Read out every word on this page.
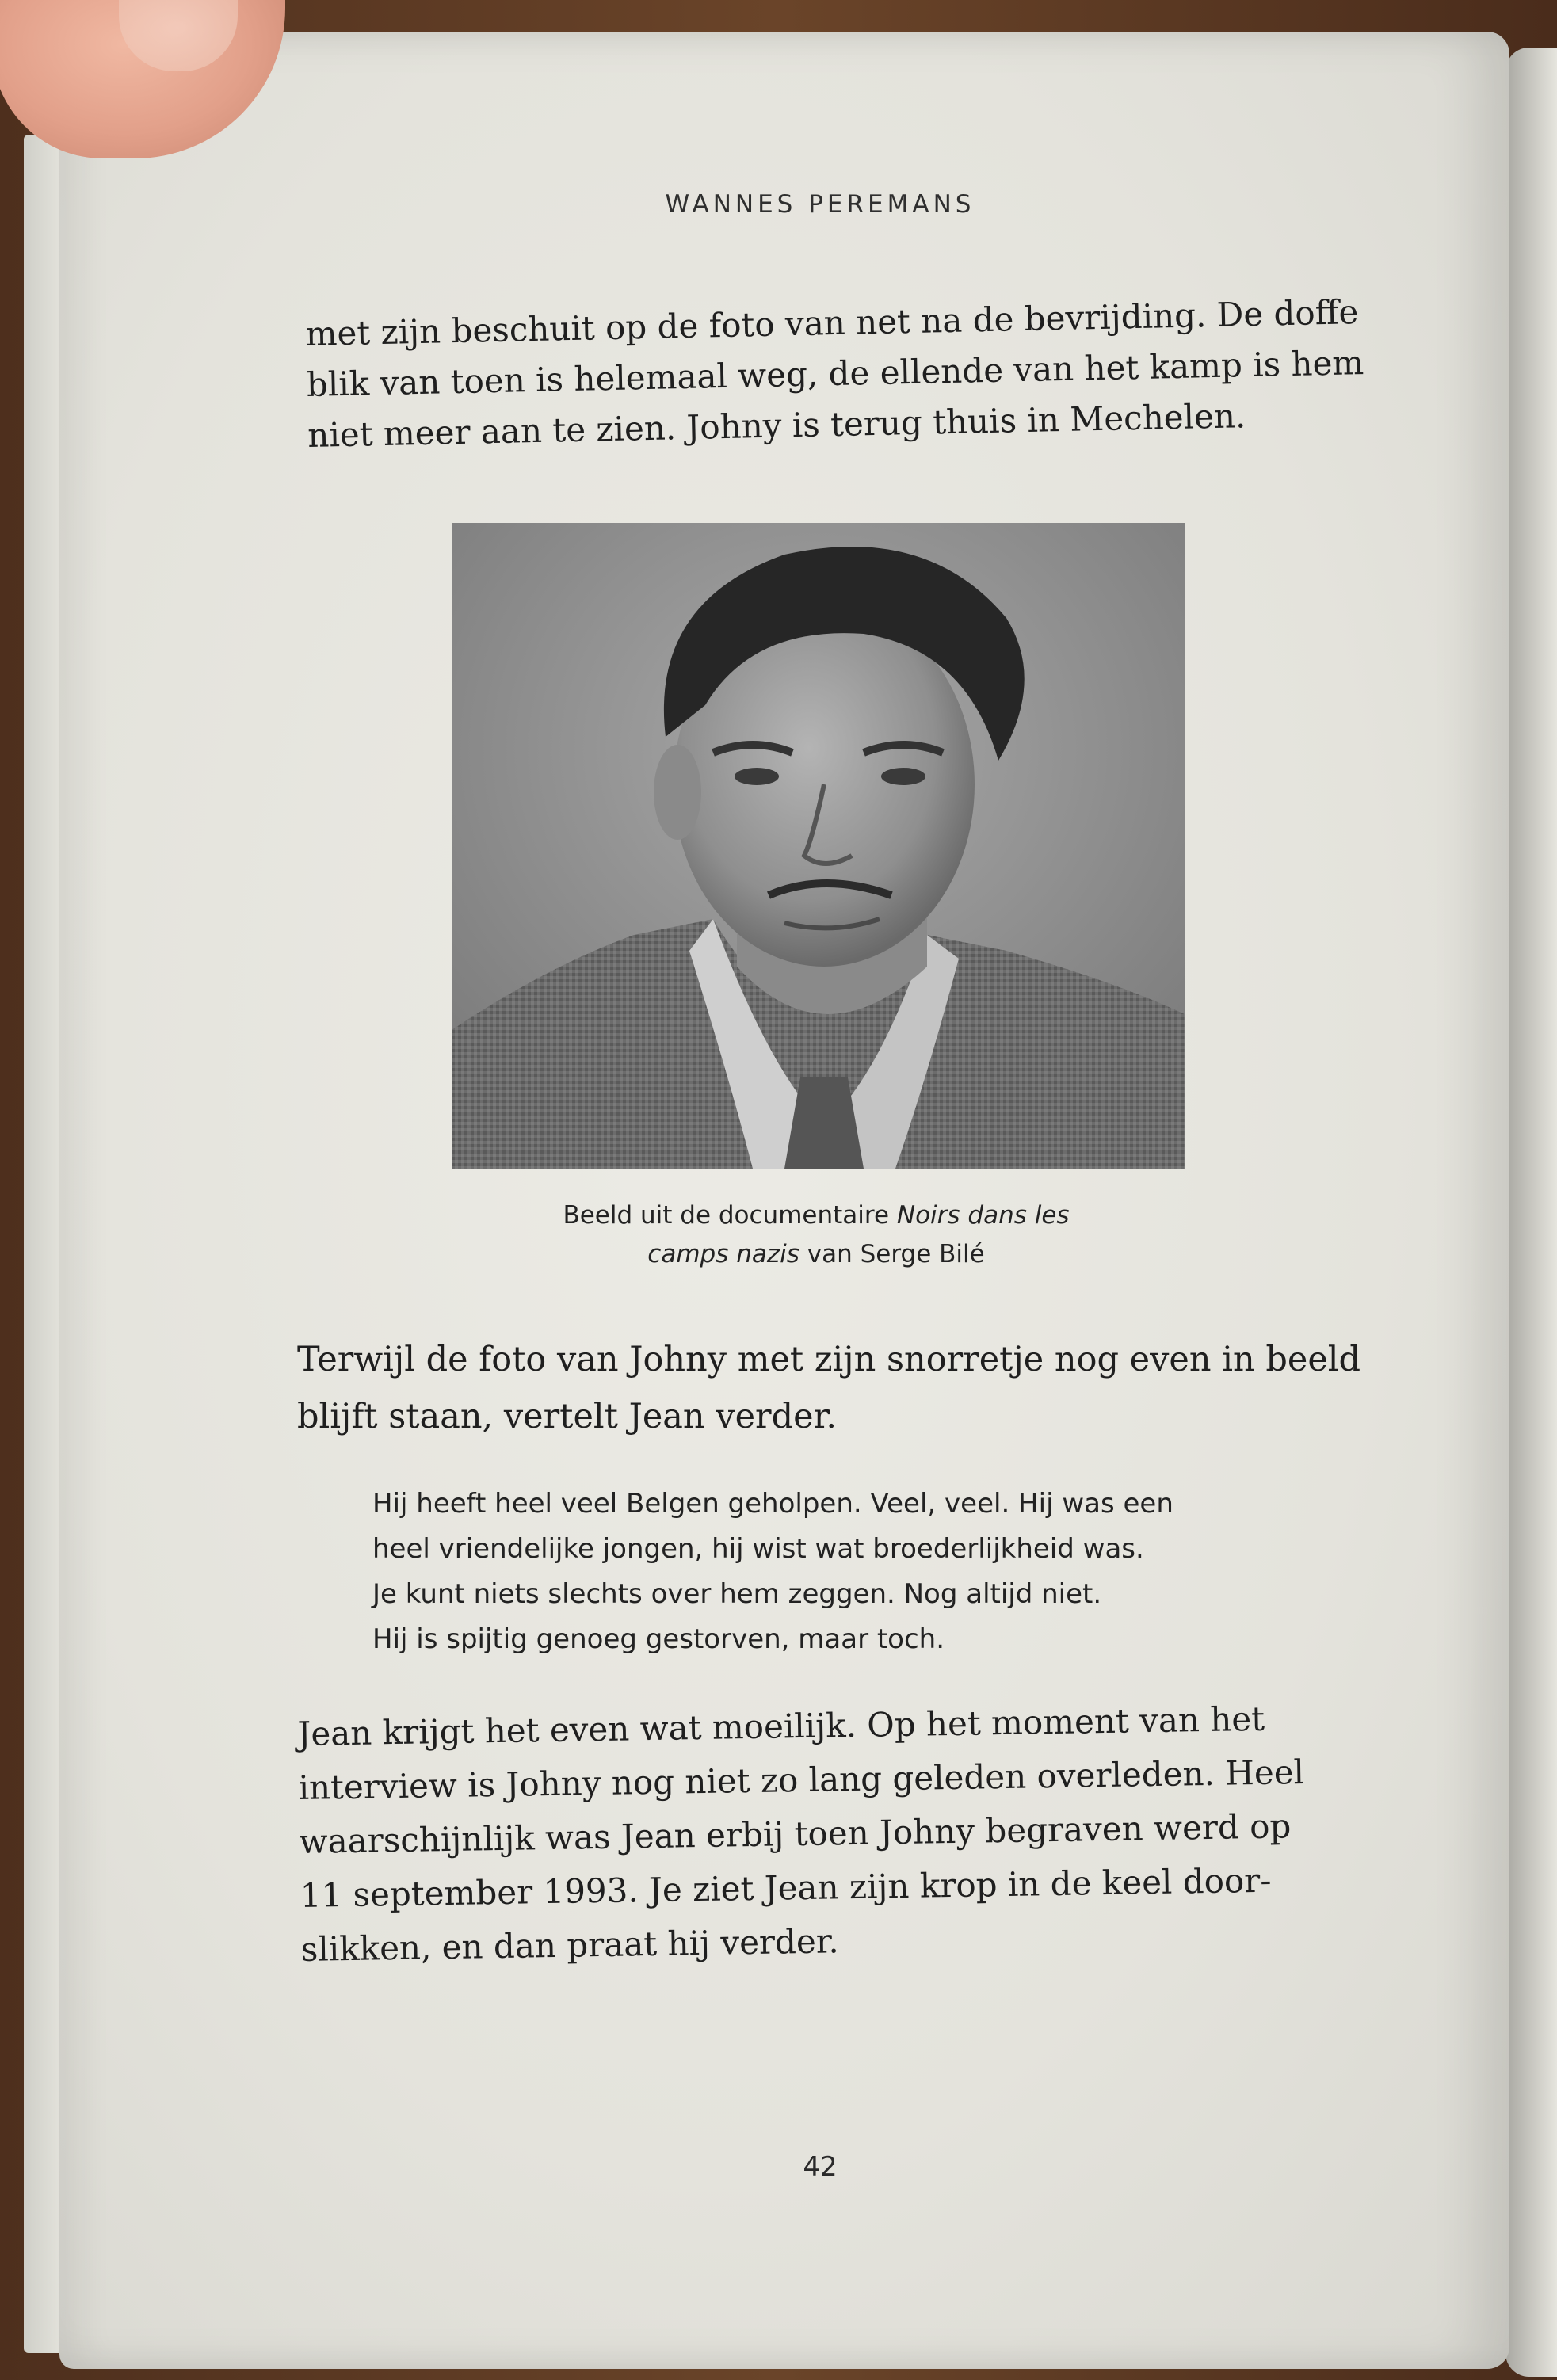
WANNES PEREMANS
met zijn beschuit op de foto van net na de bevrijding. De doffe
blik van toen is helemaal weg, de ellende van het kamp is hem
niet meer aan te zien. Johny is terug thuis in Mechelen.
Beeld uit de documentaire Noirs dans les
camps nazis van Serge Bilé
Terwijl de foto van Johny met zijn snorretje nog even in beeld
blijft staan, vertelt Jean verder.
Hij heeft heel veel Belgen geholpen. Veel, veel. Hij was een
heel vriendelijke jongen, hij wist wat broederlijkheid was.
Je kunt niets slechts over hem zeggen. Nog altijd niet.
Hij is spijtig genoeg gestorven, maar toch.
Jean krijgt het even wat moeilijk. Op het moment van het
interview is Johny nog niet zo lang geleden overleden. Heel
waarschijnlijk was Jean erbij toen Johny begraven werd op
11 september 1993. Je ziet Jean zijn krop in de keel door-
slikken, en dan praat hij verder.
42
